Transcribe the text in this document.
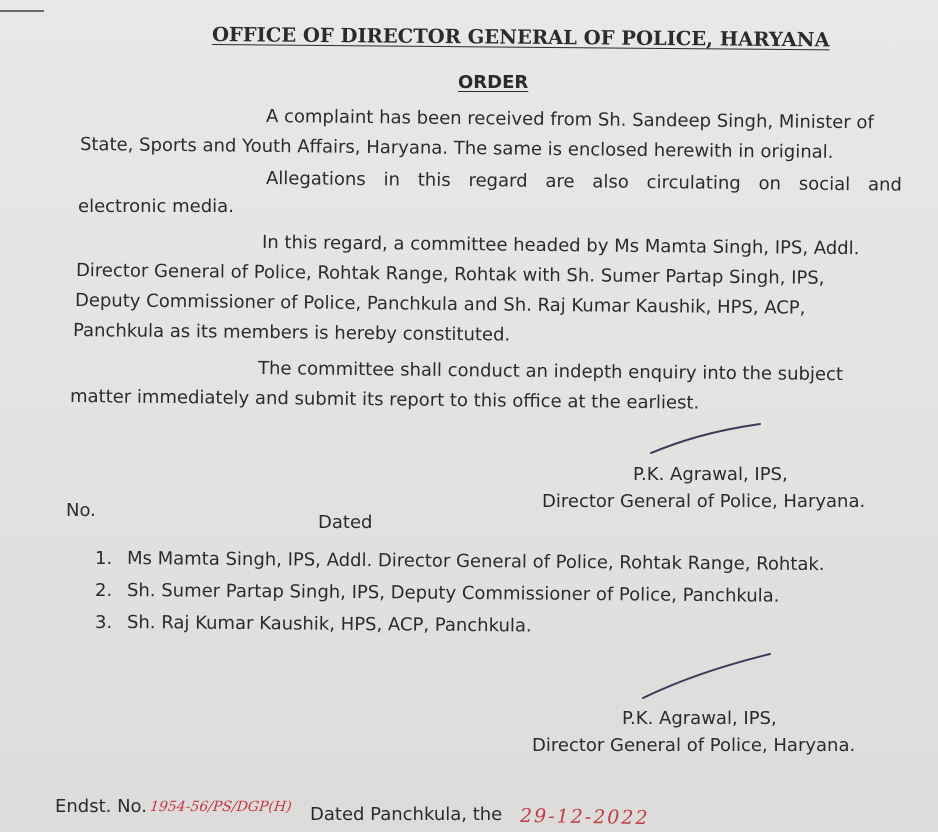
OFFICE OF DIRECTOR GENERAL OF POLICE, HARYANA
ORDER
A complaint has been received from Sh. Sandeep Singh, Minister of
State, Sports and Youth Affairs, Haryana. The same is enclosed herewith in original.
Allegations in this regard are also circulating on social and
electronic media.
In this regard, a committee headed by Ms Mamta Singh, IPS, Addl.
Director General of Police, Rohtak Range, Rohtak with Sh. Sumer Partap Singh, IPS,
Deputy Commissioner of Police, Panchkula and Sh. Raj Kumar Kaushik, HPS, ACP,
Panchkula as its members is hereby constituted.
The committee shall conduct an indepth enquiry into the subject
matter immediately and submit its report to this office at the earliest.
P.K. Agrawal, IPS,
Director General of Police, Haryana.
No.
Dated
1. Ms Mamta Singh, IPS, Addl. Director General of Police, Rohtak Range, Rohtak.
2. Sh. Sumer Partap Singh, IPS, Deputy Commissioner of Police, Panchkula.
3. Sh. Raj Kumar Kaushik, HPS, ACP, Panchkula.
P.K. Agrawal, IPS,
Director General of Police, Haryana.
Endst. No. 1954-56/PS/DGP(H) Dated Panchkula, the 29-12-2022
